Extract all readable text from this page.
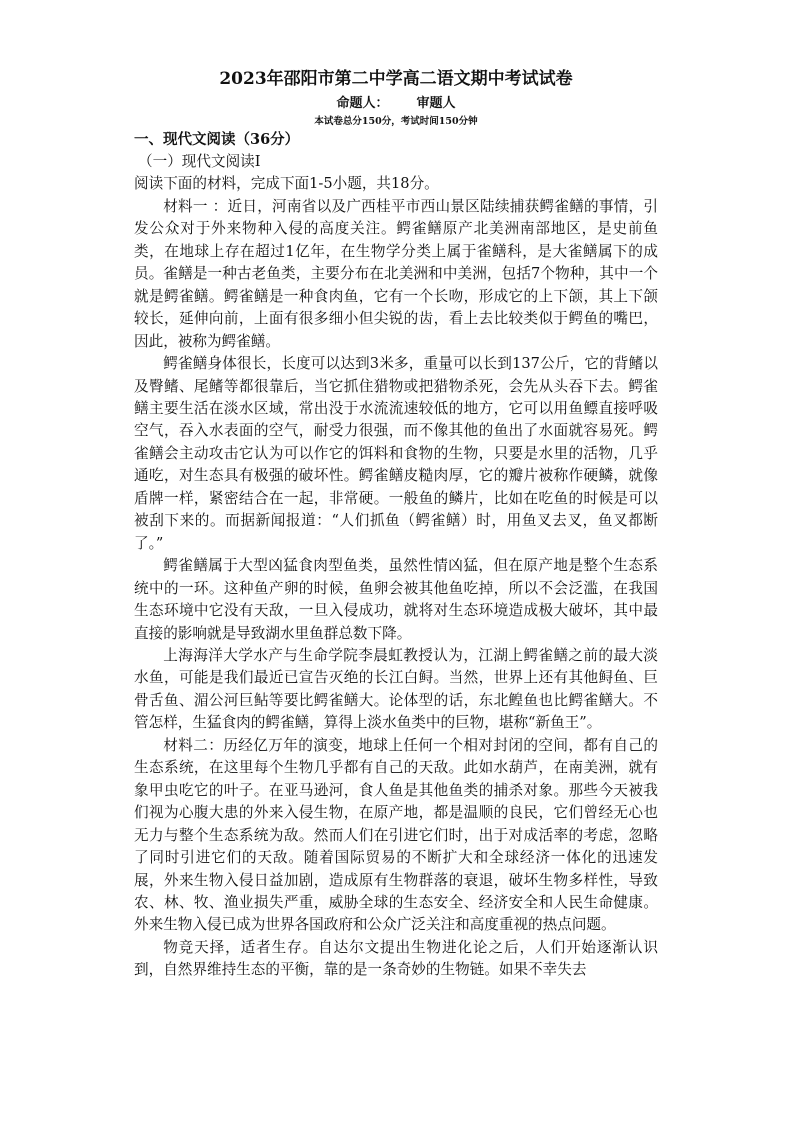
2023年邵阳市第二中学高二语文期中考试试卷
命题人： 审题人
本试卷总分150分，考试时间150分钟
一、现代文阅读（36分）
（一）现代文阅读Ⅰ
阅读下面的材料，完成下面1-5小题，共18分。

材料一 ：近日，河南省以及广西桂平市西山景区陆续捕获鳄雀鳝的事情，引发公众对于外来物种入侵的高度关注。鳄雀鳝原产北美洲南部地区，是史前鱼类，在地球上存在超过1亿年，在生物学分类上属于雀鳝科，是大雀鳝属下的成员。雀鳝是一种古老鱼类，主要分布在北美洲和中美洲，包括7个物种，其中一个就是鳄雀鳝。鳄雀鳝是一种食肉鱼，它有一个长吻，形成它的上下颌，其上下颌较长，延伸向前，上面有很多细小但尖锐的齿，看上去比较类似于鳄鱼的嘴巴，因此，被称为鳄雀鳝。

鳄雀鳝身体很长，长度可以达到3米多，重量可以长到137公斤，它的背鳍以及臀鳍、尾鳍等都很靠后，当它抓住猎物或把猎物杀死，会先从头吞下去。鳄雀鳝主要生活在淡水区域，常出没于水流流速较低的地方，它可以用鱼鳔直接呼吸空气，吞入水表面的空气，耐受力很强，而不像其他的鱼出了水面就容易死。鳄雀鳝会主动攻击它认为可以作它的饵料和食物的生物，只要是水里的活物，几乎通吃，对生态具有极强的破坏性。鳄雀鳝皮糙肉厚，它的瓣片被称作硬鳞，就像盾牌一样，紧密结合在一起，非常硬。一般鱼的鳞片，比如在吃鱼的时候是可以被刮下来的。而据新闻报道：“人们抓鱼（鳄雀鳝）时，用鱼叉去叉，鱼叉都断了。”

鳄雀鳝属于大型凶猛食肉型鱼类，虽然性情凶猛，但在原产地是整个生态系统中的一环。这种鱼产卵的时候，鱼卵会被其他鱼吃掉，所以不会泛滥，在我国生态环境中它没有天敌，一旦入侵成功，就将对生态环境造成极大破坏，其中最直接的影响就是导致湖水里鱼群总数下降。

上海海洋大学水产与生命学院李晨虹教授认为，江湖上鳄雀鳝之前的最大淡水鱼，可能是我们最近已宣告灭绝的长江白鲟。当然，世界上还有其他鲟鱼、巨骨舌鱼、湄公河巨鲇等要比鳄雀鳝大。论体型的话，东北鳇鱼也比鳄雀鳝大。不管怎样，生猛食肉的鳄雀鳝，算得上淡水鱼类中的巨物，堪称“新鱼王”。

材料二：历经亿万年的演变，地球上任何一个相对封闭的空间，都有自己的生态系统，在这里每个生物几乎都有自己的天敌。此如水葫芦，在南美洲，就有象甲虫吃它的叶子。在亚马逊河，食人鱼是其他鱼类的捕杀对象。那些今天被我们视为心腹大患的外来入侵生物，在原产地，都是温顺的良民，它们曾经无心也无力与整个生态系统为敌。然而人们在引进它们时，出于对成活率的考虑，忽略了同时引进它们的天敌。随着国际贸易的不断扩大和全球经济一体化的迅速发展，外来生物入侵日益加剧，造成原有生物群落的衰退，破坏生物多样性，导致农、林、牧、渔业损失严重，威胁全球的生态安全、经济安全和人民生命健康。外来生物入侵已成为世界各国政府和公众广泛关注和高度重视的热点问题。

物竞天择，适者生存。自达尔文提出生物进化论之后，人们开始逐渐认识到，自然界维持生态的平衡，靠的是一条奇妙的生物链。如果不幸失去
